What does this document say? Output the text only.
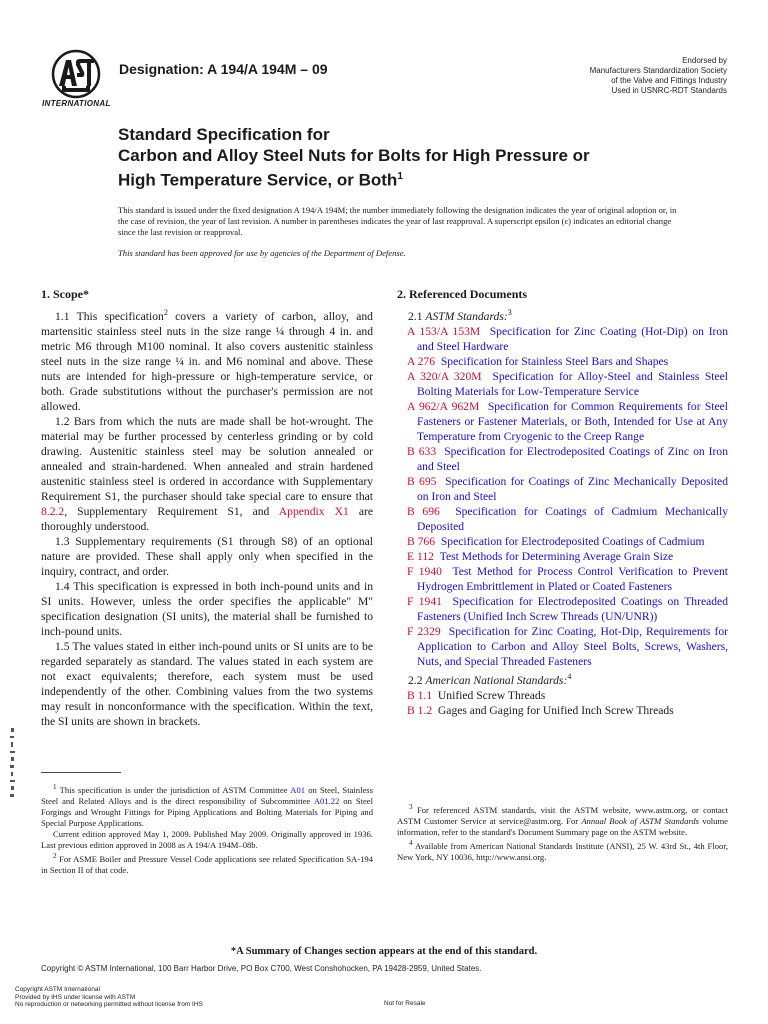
INTERNATIONAL
Designation: A 194/A 194M – 09
Endorsed by
Manufacturers Standardization Society
of the Valve and Fittings Industry
Used in USNRC-RDT Standards
Standard Specification for
Carbon and Alloy Steel Nuts for Bolts for High Pressure or
High Temperature Service, or Both$^1$
This standard is issued under the fixed designation A 194/A 194M; the number immediately following the designation indicates the year of original adoption or, in the case of revision, the year of last revision. A number in parentheses indicates the year of last reapproval. A superscript epsilon (ε) indicates an editorial change since the last revision or reapproval.
This standard has been approved for use by agencies of the Department of Defense.

1. Scope*

1.1 This specification$^2$ covers a variety of carbon, alloy, and martensitic stainless steel nuts in the size range ¼ through 4 in. and metric M6 through M100 nominal. It also covers austenitic stainless steel nuts in the size range ¼ in. and M6 nominal and above. These nuts are intended for high-pressure or high-temperature service, or both. Grade substitutions without the purchaser's permission are not allowed.

1.2 Bars from which the nuts are made shall be hot-wrought. The material may be further processed by centerless grinding or by cold drawing. Austenitic stainless steel may be solution annealed or annealed and strain-hardened. When annealed and strain hardened austenitic stainless steel is ordered in accordance with Supplementary Requirement S1, the purchaser should take special care to ensure that 8.2.2, Supplementary Requirement S1, and Appendix X1 are thoroughly understood.

1.3 Supplementary requirements (S1 through S8) of an optional nature are provided. These shall apply only when specified in the inquiry, contract, and order.

1.4 This specification is expressed in both inch-pound units and in SI units. However, unless the order specifies the applicable" M" specification designation (SI units), the material shall be furnished to inch-pound units.

1.5 The values stated in either inch-pound units or SI units are to be regarded separately as standard. The values stated in each system are not exact equivalents; therefore, each system must be used independently of the other. Combining values from the two systems may result in nonconformance with the specification. Within the text, the SI units are shown in brackets.

2. Referenced Documents

2.1 ASTM Standards:$^3$

A 153/A 153M Specification for Zinc Coating (Hot-Dip) on Iron and Steel Hardware

A 276 Specification for Stainless Steel Bars and Shapes

A 320/A 320M Specification for Alloy-Steel and Stainless Steel Bolting Materials for Low-Temperature Service

A 962/A 962M Specification for Common Requirements for Steel Fasteners or Fastener Materials, or Both, Intended for Use at Any Temperature from Cryogenic to the Creep Range

B 633 Specification for Electrodeposited Coatings of Zinc on Iron and Steel

B 695 Specification for Coatings of Zinc Mechanically Deposited on Iron and Steel

B 696 Specification for Coatings of Cadmium Mechanically Deposited

B 766 Specification for Electrodeposited Coatings of Cadmium

E 112 Test Methods for Determining Average Grain Size

F 1940 Test Method for Process Control Verification to Prevent Hydrogen Embrittlement in Plated or Coated Fasteners

F 1941 Specification for Electrodeposited Coatings on Threaded Fasteners (Unified Inch Screw Threads (UN/UNR))

F 2329 Specification for Zinc Coating, Hot-Dip, Requirements for Application to Carbon and Alloy Steel Bolts, Screws, Washers, Nuts, and Special Threaded Fasteners

2.2 American National Standards:$^4$

B 1.1 Unified Screw Threads

B 1.2 Gages and Gaging for Unified Inch Screw Threads

$^1$ This specification is under the jurisdiction of ASTM Committee A01 on Steel, Stainless Steel and Related Alloys and is the direct responsibility of Subcommittee A01.22 on Steel Forgings and Wrought Fittings for Piping Applications and Bolting Materials for Piping and Special Purpose Applications.

Current edition approved May 1, 2009. Published May 2009. Originally approved in 1936. Last previous edition approved in 2008 as A 194/A 194M–08b.

$^2$ For ASME Boiler and Pressure Vessel Code applications see related Specification SA-194 in Section II of that code.

$^3$ For referenced ASTM standards, visit the ASTM website, www.astm.org, or contact ASTM Customer Service at service@astm.org. For Annual Book of ASTM Standards volume information, refer to the standard's Document Summary page on the ASTM website.

$^4$ Available from American National Standards Institute (ANSI), 25 W. 43rd St., 4th Floor, New York, NY 10036, http://www.ansi.org.

*A Summary of Changes section appears at the end of this standard.
Copyright © ASTM International, 100 Barr Harbor Drive, PO Box C700, West Conshohocken, PA 19428-2959, United States.
Copyright ASTM International
Provided by IHS under license with ASTM
No reproduction or networking permitted without license from IHS	Not for Resale
